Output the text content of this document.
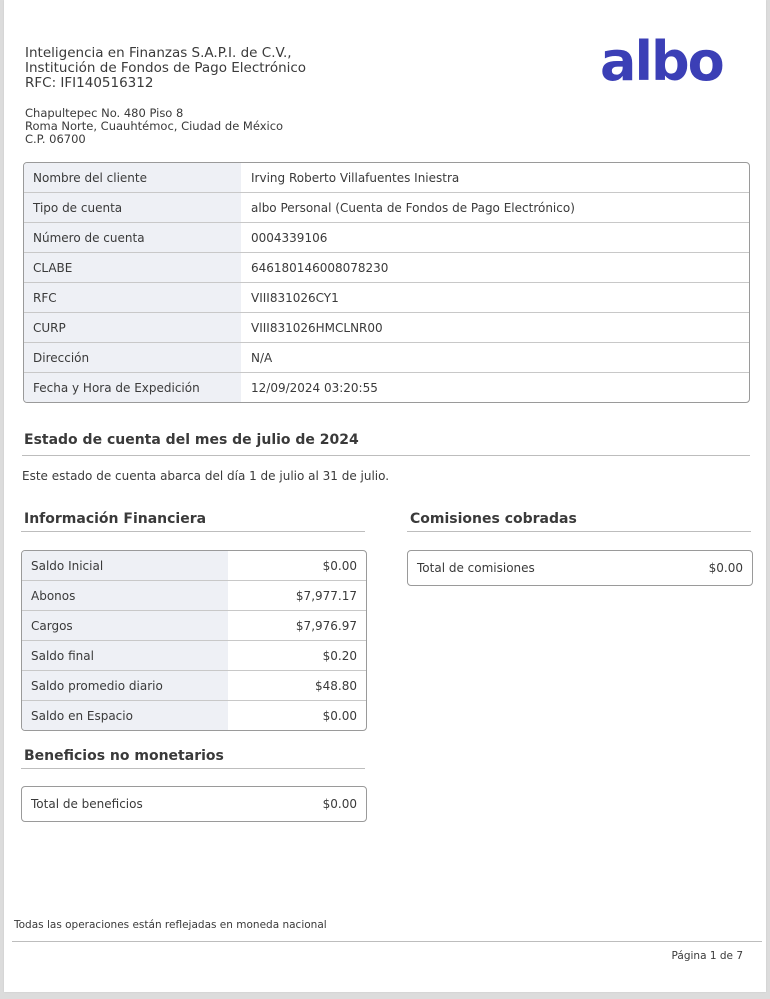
Inteligencia en Finanzas S.A.P.I. de C.V.,
Institución de Fondos de Pago Electrónico
RFC: IFI140516312	albo
Chapultepec No. 480 Piso 8
Roma Norte, Cuauhtémoc, Ciudad de México
C.P. 06700
Nombre del cliente	Irving Roberto Villafuentes Iniestra
Tipo de cuenta	albo Personal (Cuenta de Fondos de Pago Electrónico)
Número de cuenta	0004339106
CLABE	646180146008078230
RFC	VIII831026CY1
CURP	VIII831026HMCLNR00
Dirección	N/A
Fecha y Hora de Expedición	12/09/2024 03:20:55
Estado de cuenta del mes de julio de 2024
Este estado de cuenta abarca del día 1 de julio al 31 de julio.
Información Financiera	Comisiones cobradas
Saldo Inicial	$0.00
Abonos	$7,977.17
Cargos	$7,976.97
Saldo final	$0.20
Saldo promedio diario	$48.80
Saldo en Espacio	$0.00
Total de comisiones	$0.00
Beneficios no monetarios
Total de beneficios	$0.00
Todas las operaciones están reflejadas en moneda nacional
Página 1 de 7
